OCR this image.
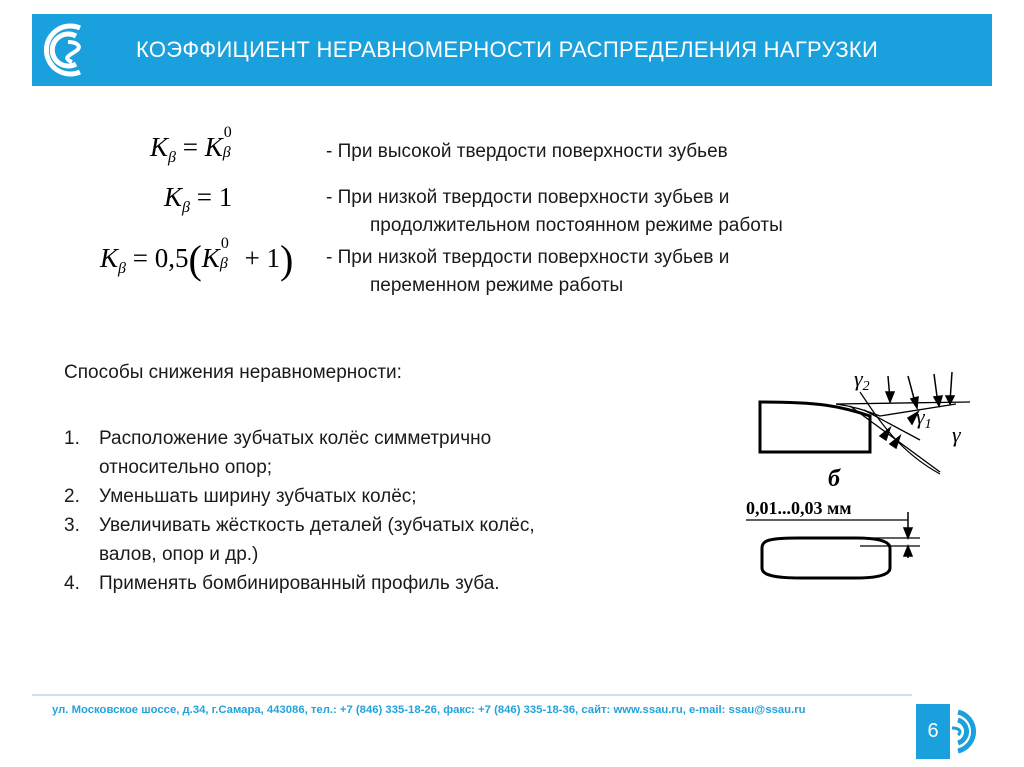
КОЭФФИЦИЕНТ НЕРАВНОМЕРНОСТИ РАСПРЕДЕЛЕНИЯ НАГРУЗКИ
$K_\beta = K$ 0
β	- При высокой твердости поверхности зубьев
$K_\beta = 1$	- При низкой твердости поверхности зубьев и
продолжительном постоянном режиме работы
$K_\beta = 0,5(K$ 0
β + 1) - При низкой твердости поверхности зубьев и
переменном режиме работы
Способы снижения неравномерности:
1. Расположение зубчатых колёс симметрично
относительно опор;
2. Уменьшать ширину зубчатых колёс;
3. Увеличивать жёсткость деталей (зубчатых колёс,
валов, опор и др.)
4. Применять бомбинированный профиль зуба.
γ2
γ1 γ
б
0,01...0,03 мм
ул. Московское шоссе, д.34, г.Самара, 443086, тел.: +7 (846) 335-18-26, факс: +7 (846) 335-18-36, сайт: www.ssau.ru, e-mail: ssau@ssau.ru
6
